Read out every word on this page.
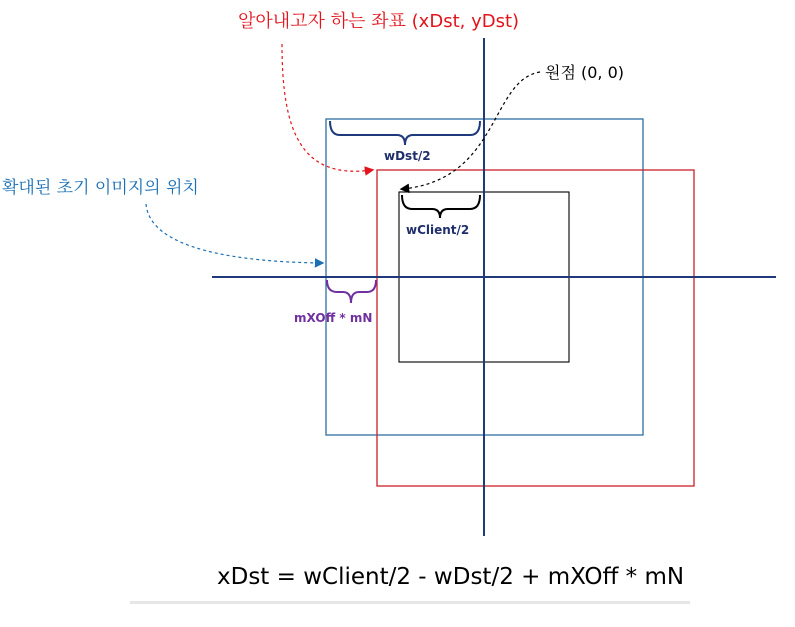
알아내고자 하는 좌표 (xDst, yDst)
원점 (0, 0)
확대된 초기 이미지의 위치
wDst/2
wClient/2
mXOff * mN
xDst = wClient/2 - wDst/2 + mXOff * mN
